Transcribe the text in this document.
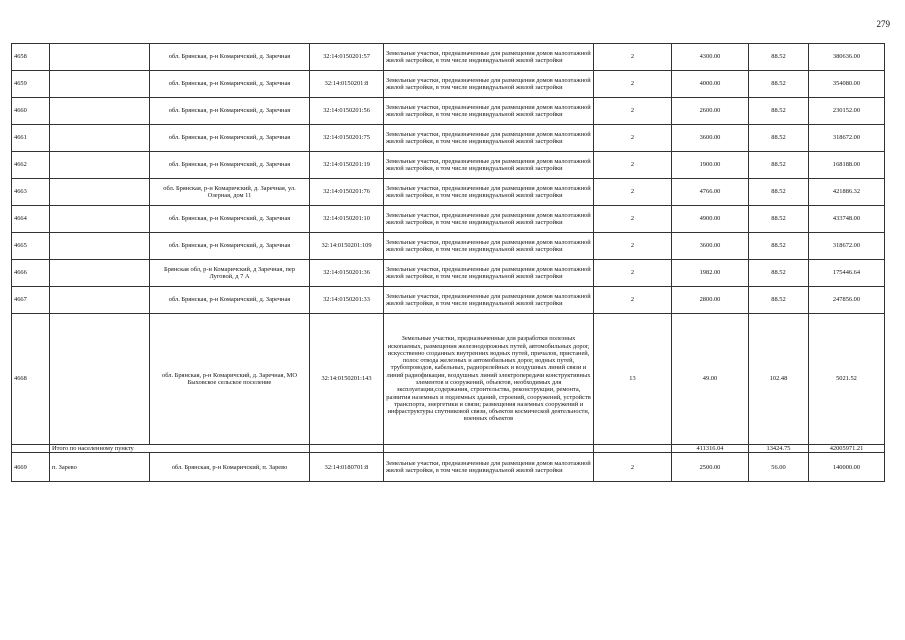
279
4658		обл. Брянская, р-н Комаричский, д. Заречная	32:14:0150201:57	Земельные участки, предназначенные для размещения домов малоэтажной жилой застройки, в том числе индивидуальной жилой застройки	2	4300.00	88.52	380636.00
4659		обл. Брянская, р-н Комаричский, д. Заречная	32:14:0150201:8	Земельные участки, предназначенные для размещения домов малоэтажной жилой застройки, в том числе индивидуальной жилой застройки	2	4000.00	88.52	354080.00
4660		обл. Брянская, р-н Комаричский, д. Заречная	32:14:0150201:56	Земельные участки, предназначенные для размещения домов малоэтажной жилой застройки, в том числе индивидуальной жилой застройки	2	2600.00	88.52	230152.00
4661		обл. Брянская, р-н Комаричский, д. Заречная	32:14:0150201:75	Земельные участки, предназначенные для размещения домов малоэтажной жилой застройки, в том числе индивидуальной жилой застройки	2	3600.00	88.52	318672.00
4662		обл. Брянская, р-н Комаричский, д. Заречная	32:14:0150201:19	Земельные участки, предназначенные для размещения домов малоэтажной жилой застройки, в том числе индивидуальной жилой застройки	2	1900.00	88.52	168188.00
4663		обл. Брянская, р-н Комаричский, д. Заречная, ул. Озерная, дом 11	32:14:0150201:76	Земельные участки, предназначенные для размещения домов малоэтажной жилой застройки, в том числе индивидуальной жилой застройки	2	4766.00	88.52	421886.32
4664		обл. Брянская, р-н Комаричский, д. Заречная	32:14:0150201:10	Земельные участки, предназначенные для размещения домов малоэтажной жилой застройки, в том числе индивидуальной жилой застройки	2	4900.00	88.52	433748.00
4665		обл. Брянская, р-н Комаричский, д. Заречная	32:14:0150201:109	Земельные участки, предназначенные для размещения домов малоэтажной жилой застройки, в том числе индивидуальной жилой застройки	2	3600.00	88.52	318672.00
4666		Брянская обл, р-н Комаричский, д Заречная, пер Луговой, д 7 А	32:14:0150201:36	Земельные участки, предназначенные для размещения домов малоэтажной жилой застройки, в том числе индивидуальной жилой застройки	2	1982.00	88.52	175446.64
4667		обл. Брянская, р-н Комаричский, д. Заречная	32:14:0150201:33	Земельные участки, предназначенные для размещения домов малоэтажной жилой застройки, в том числе индивидуальной жилой застройки	2	2800.00	88.52	247856.00
4668		обл. Брянская, р-н Комаричский, д. Заречная, МО Быховское сельское поселение	32:14:0150201:143	Земельные участки, предназначенные для разработки полезных ископаемых, размещения железнодорожных путей, автомобильных дорог, искусственно созданных внутренних водных путей, причалов, пристаней, полос отвода железных и автомобильных дорог, водных путей, трубопроводов, кабельных, радиорелейных и воздушных линий связи и линий радиофикации, воздушных линий электропередачи конструктивных элементов и сооружений, объектов, необходимых для эксплуатации,содержания, строительства, реконструкции, ремонта, развития наземных и подземных зданий, строений, сооружений, устройств транспорта, энергетики и связи; размещения наземных сооружений и инфраструктуры спутниковой связи, объектов космической деятельности, военных объектов	13	49.00	102.48	5021.52
	Итого по населенному пункту					411316.04	13424.75	42005971.21
4669	п. Зарево	обл. Брянская, р-н Комаричский, п. Зарево	32:14:0180701:8	Земельные участки, предназначенные для размещения домов малоэтажной жилой застройки, в том числе индивидуальной жилой застройки	2	2500.00	56.00	140000.00
